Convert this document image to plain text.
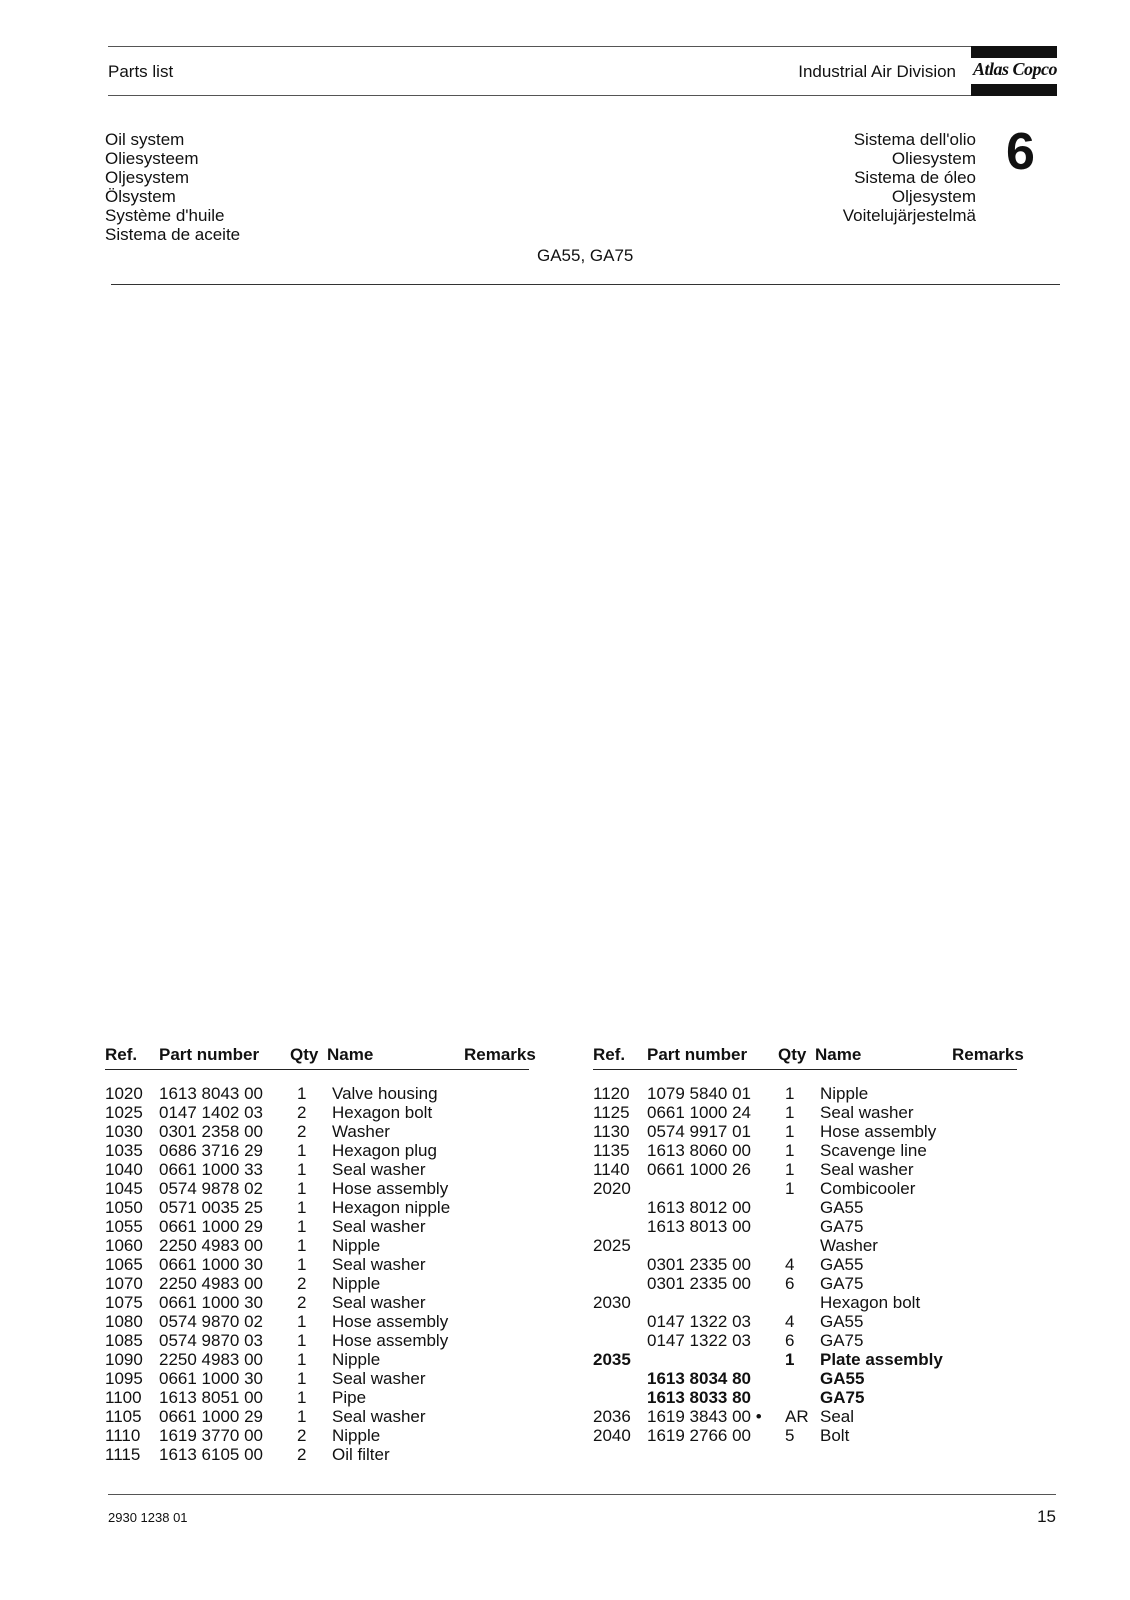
Parts list	Industrial Air Division Atlas Copco
Oil system
Oliesysteem
Oljesystem
Ölsystem
Système d'huile
Sistema de aceite
Sistema dell'olio
Oliesystem
Sistema de óleo
Oljesystem
Voitelujärjestelmä
6
GA55, GA75
Ref. Part number Qty Name	Remarks
1020 1613 8043 00 1 Valve housing
1025 0147 1402 03 2 Hexagon bolt
1030 0301 2358 00 2 Washer
1035 0686 3716 29 1 Hexagon plug
1040 0661 1000 33 1 Seal washer
1045 0574 9878 02 1 Hose assembly
1050 0571 0035 25 1 Hexagon nipple
1055 0661 1000 29 1 Seal washer
1060 2250 4983 00 1 Nipple
1065 0661 1000 30 1 Seal washer
1070 2250 4983 00 2 Nipple
1075 0661 1000 30 2 Seal washer
1080 0574 9870 02 1 Hose assembly
1085 0574 9870 03 1 Hose assembly
1090 2250 4983 00 1 Nipple
1095 0661 1000 30 1 Seal washer
1100 1613 8051 00 1 Pipe
1105 0661 1000 29 1 Seal washer
1110 1619 3770 00 2 Nipple
1115 1613 6105 00 2 Oil filter
Ref. Part number Qty Name	Remarks
1120 1079 5840 01 1 Nipple
1125 0661 1000 24 1 Seal washer
1130 0574 9917 01 1 Hose assembly
1135 1613 8060 00 1 Scavenge line
1140 0661 1000 26 1 Seal washer
2020	1 Combicooler
1613 8012 00	GA55
1613 8013 00	GA75
2025	Washer
0301 2335 00 4 GA55
0301 2335 00 6 GA75
2030	Hexagon bolt
0147 1322 03 4 GA55
0147 1322 03 6 GA75
2035	1 Plate assembly
1613 8034 80	GA55
1613 8033 80	GA75
2036 1619 3843 00 • AR Seal
2040 1619 2766 00 5 Bolt
2930 1238 01	15
